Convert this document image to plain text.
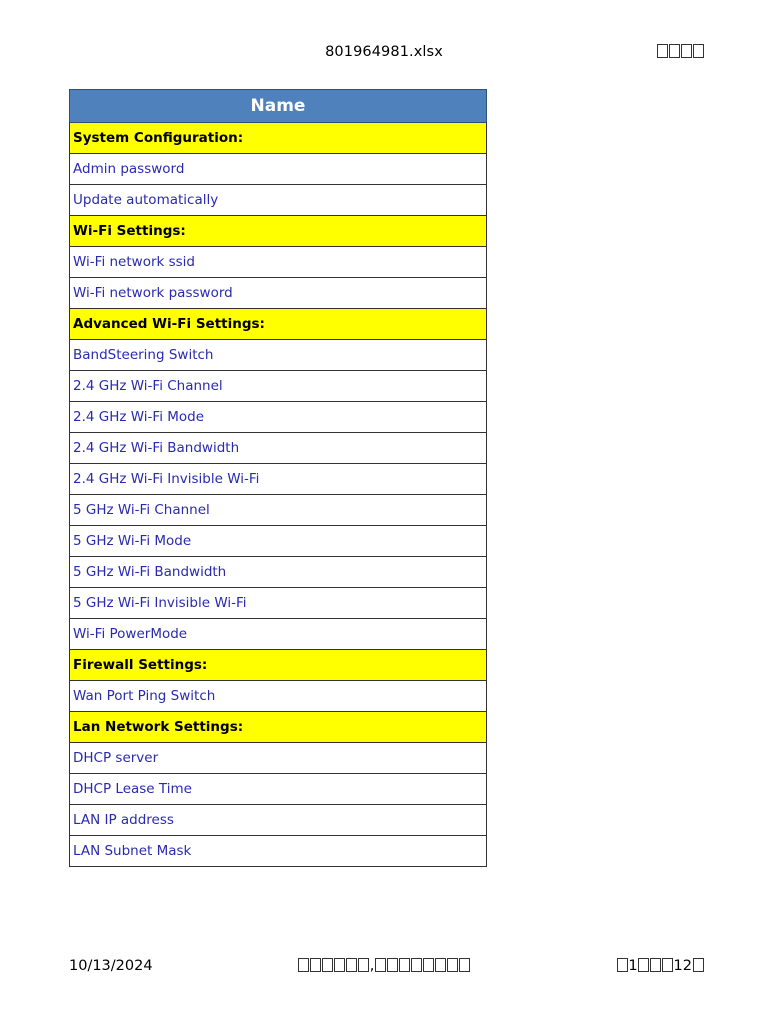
801964981.xlsx
Name
System Configuration:
Admin password
Update automatically
Wi-Fi Settings:
Wi-Fi network ssid
Wi-Fi network password
Advanced Wi-Fi Settings:
BandSteering Switch
2.4 GHz Wi-Fi Channel
2.4 GHz Wi-Fi Mode
2.4 GHz Wi-Fi Bandwidth
2.4 GHz Wi-Fi Invisible Wi-Fi
5 GHz Wi-Fi Channel
5 GHz Wi-Fi Mode
5 GHz Wi-Fi Bandwidth
5 GHz Wi-Fi Invisible Wi-Fi
Wi-Fi PowerMode
Firewall Settings:
Wan Port Ping Switch
Lan Network Settings:
DHCP server
DHCP Lease Time
LAN IP address
LAN Subnet Mask
10/13/2024	,	1 12
